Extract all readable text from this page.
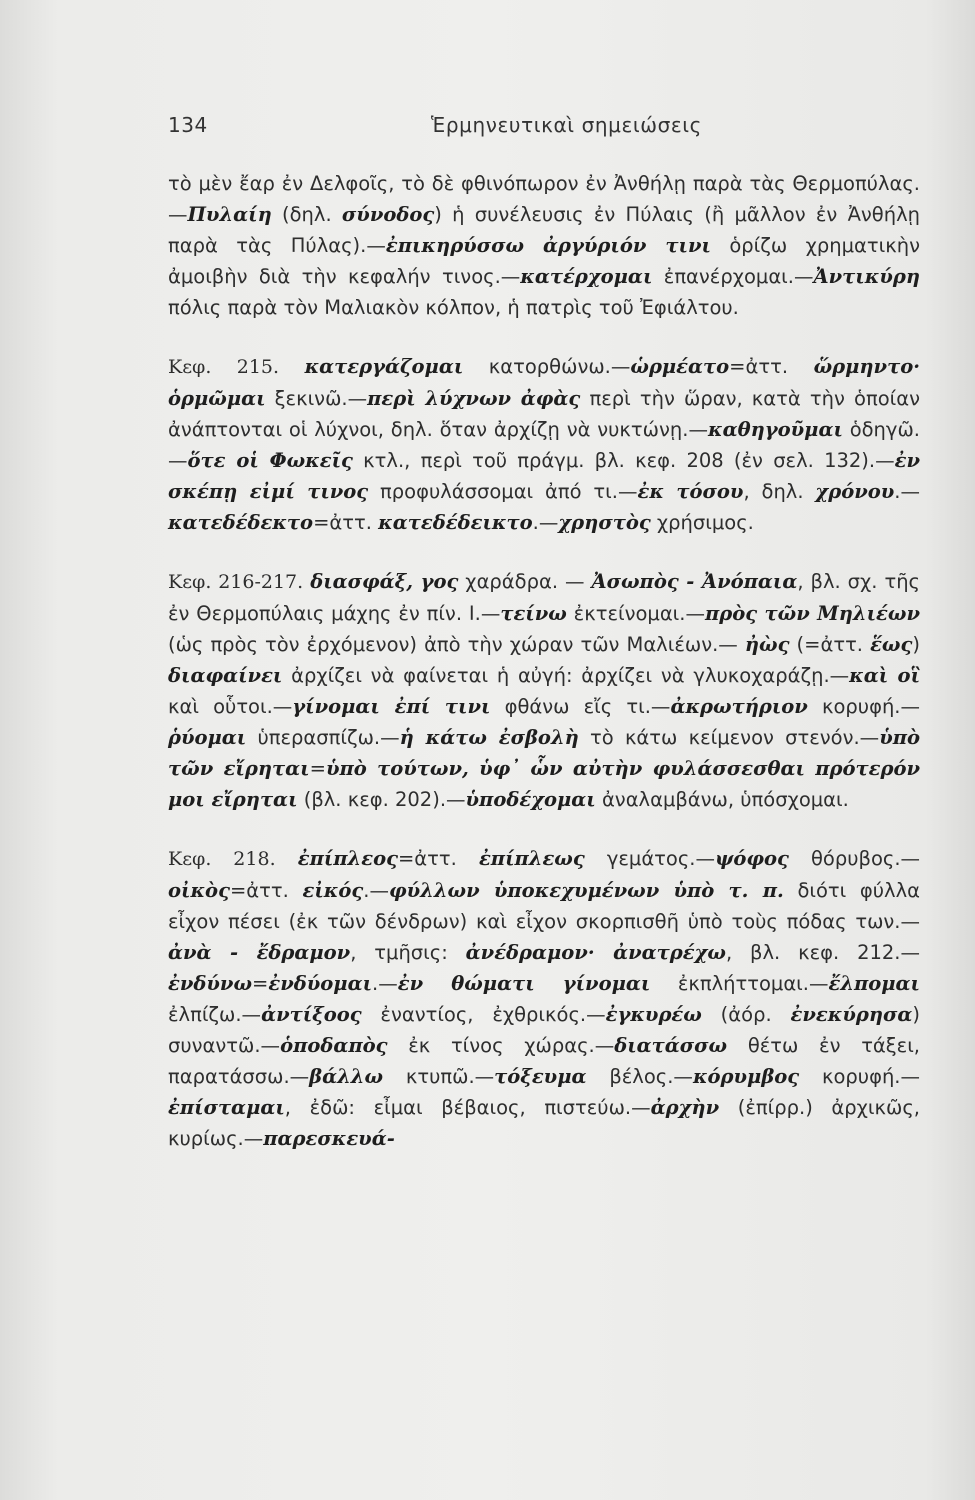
134	Ἑρμηνευτικαὶ σημειώσεις

τὸ μὲν ἔαρ ἐν Δελφοῖς, τὸ δὲ φθινόπωρον ἐν Ἀνθήλῃ παρὰ τὰς Θερμοπύλας.—Πυλαίη (δηλ. σύνοδος) ἡ συνέλευσις ἐν Πύλαις (ἢ μᾶλλον ἐν Ἀνθήλῃ παρὰ τὰς Πύλας).—ἐπικηρύσσω ἀργύριόν τινι ὁρίζω χρηματικὴν ἀμοιβὴν διὰ τὴν κεφαλήν τινος.—κατέρχομαι ἐπανέρχομαι.—Ἀντικύρη πόλις παρὰ τὸν Μαλιακὸν κόλπον, ἡ πατρὶς τοῦ Ἐφιάλτου.

Κεφ. 215. κατεργάζομαι κατορθώνω.—ὡρμέατο=ἀττ. ὥρμηντο· ὁρμῶμαι ξεκινῶ.—περὶ λύχνων ἀφὰς περὶ τὴν ὥραν, κατὰ τὴν ὁποίαν ἀνάπτονται οἱ λύχνοι, δηλ. ὅταν ἀρχίζῃ νὰ νυκτώνῃ.—καθηγοῦμαι ὁδηγῶ.—ὅτε οἱ Φωκεῖς κτλ., περὶ τοῦ πράγμ. βλ. κεφ. 208 (ἐν σελ. 132).—ἐν σκέπῃ εἰμί τινος προφυλάσσομαι ἀπό τι.—ἐκ τόσου, δηλ. χρόνου.—κατεδέδεκτο=ἀττ. κατεδέδεικτο.—χρηστὸς χρήσιμος.

Κεφ. 216-217. διασφάξ, γος χαράδρα. — Ἀσωπὸς - Ἀνόπαια, βλ. σχ. τῆς ἐν Θερμοπύλαις μάχης ἐν πίν. Ι.—τείνω ἐκτείνομαι.—πρὸς τῶν Μηλιέων (ὡς πρὸς τὸν ἐρχόμενον) ἀπὸ τὴν χώραν τῶν Μαλιέων.— ἠὼς (=ἀττ. ἕως) διαφαίνει ἀρχίζει νὰ φαίνεται ἡ αὐγή: ἀρχίζει νὰ γλυκοχαράζῃ.—καὶ οἳ καὶ οὗτοι.—γίνομαι ἐπί τινι φθάνω εἴς τι.—ἀκρωτήριον κορυφή.—ῥύομαι ὑπερασπίζω.—ἡ κάτω ἐσβολὴ τὸ κάτω κείμενον στενόν.—ὑπὸ τῶν εἴρηται=ὑπὸ τούτων, ὑφ᾽ ὧν αὐτὴν φυλάσσεσθαι πρότερόν μοι εἴρηται (βλ. κεφ. 202).—ὑποδέχομαι ἀναλαμβάνω, ὑπόσχομαι.

Κεφ. 218. ἐπίπλεος=ἀττ. ἐπίπλεως γεμάτος.—ψόφος θόρυβος.—οἰκὸς=ἀττ. εἰκός.—φύλλων ὑποκεχυμένων ὑπὸ τ. π. διότι φύλλα εἶχον πέσει (ἐκ τῶν δένδρων) καὶ εἶχον σκορπισθῆ ὑπὸ τοὺς πόδας των.—ἀνὰ - ἔδραμον, τμῆσις: ἀνέδραμον· ἀνατρέχω, βλ. κεφ. 212.—ἐνδύνω=ἐνδύομαι.—ἐν θώματι γίνομαι ἐκπλήττομαι.—ἔλπομαι ἐλπίζω.—ἀντίξοος ἐναντίος, ἐχθρικός.—ἐγκυρέω (ἀόρ. ἐνεκύρησα) συναντῶ.—ὁποδαπὸς ἐκ τίνος χώρας.—διατάσσω θέτω ἐν τάξει, παρατάσσω.—βάλλω κτυπῶ.—τόξευμα βέλος.—κόρυμβος κορυφή.—ἐπίσταμαι, ἐδῶ: εἶμαι βέβαιος, πιστεύω.—ἀρχὴν (ἐπίρρ.) ἀρχικῶς, κυρίως.—παρεσκευά-
